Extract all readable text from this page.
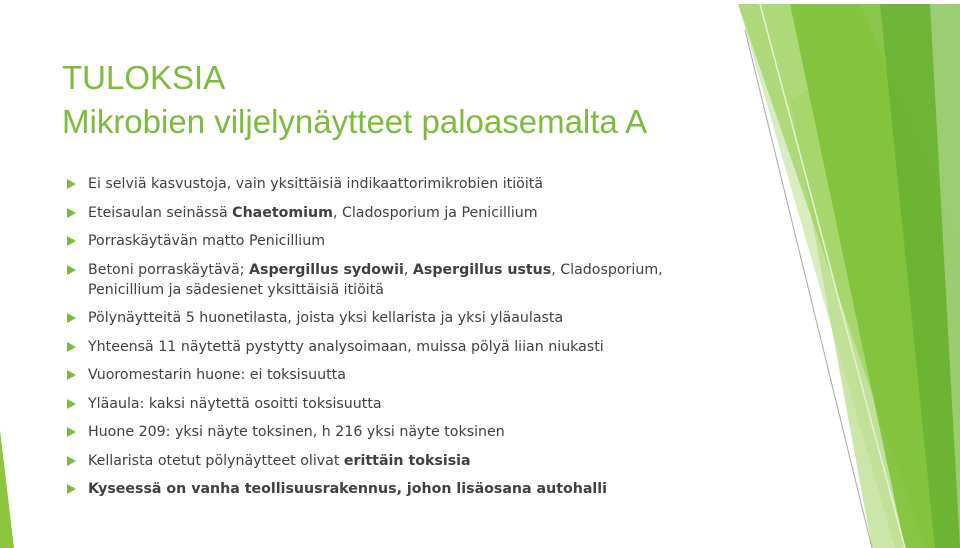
TULOKSIA
Mikrobien viljelynäytteet paloasemalta A
Ei selviä kasvustoja, vain yksittäisiä indikaattorimikrobien itiöitä
Eteisaulan seinässä Chaetomium, Cladosporium ja Penicillium
Porraskäytävän matto Penicillium
Betoni porraskäytävä; Aspergillus sydowii, Aspergillus ustus, Cladosporium, Penicillium ja sädesienet yksittäisiä itiöitä
Pölynäytteitä 5 huonetilasta, joista yksi kellarista ja yksi yläaulasta
Yhteensä 11 näytettä pystytty analysoimaan, muissa pölyä liian niukasti
Vuoromestarin huone: ei toksisuutta
Yläaula: kaksi näytettä osoitti toksisuutta
Huone 209: yksi näyte toksinen, h 216 yksi näyte toksinen
Kellarista otetut pölynäytteet olivat erittäin toksisia
Kyseessä on vanha teollisuusrakennus, johon lisäosana autohalli
